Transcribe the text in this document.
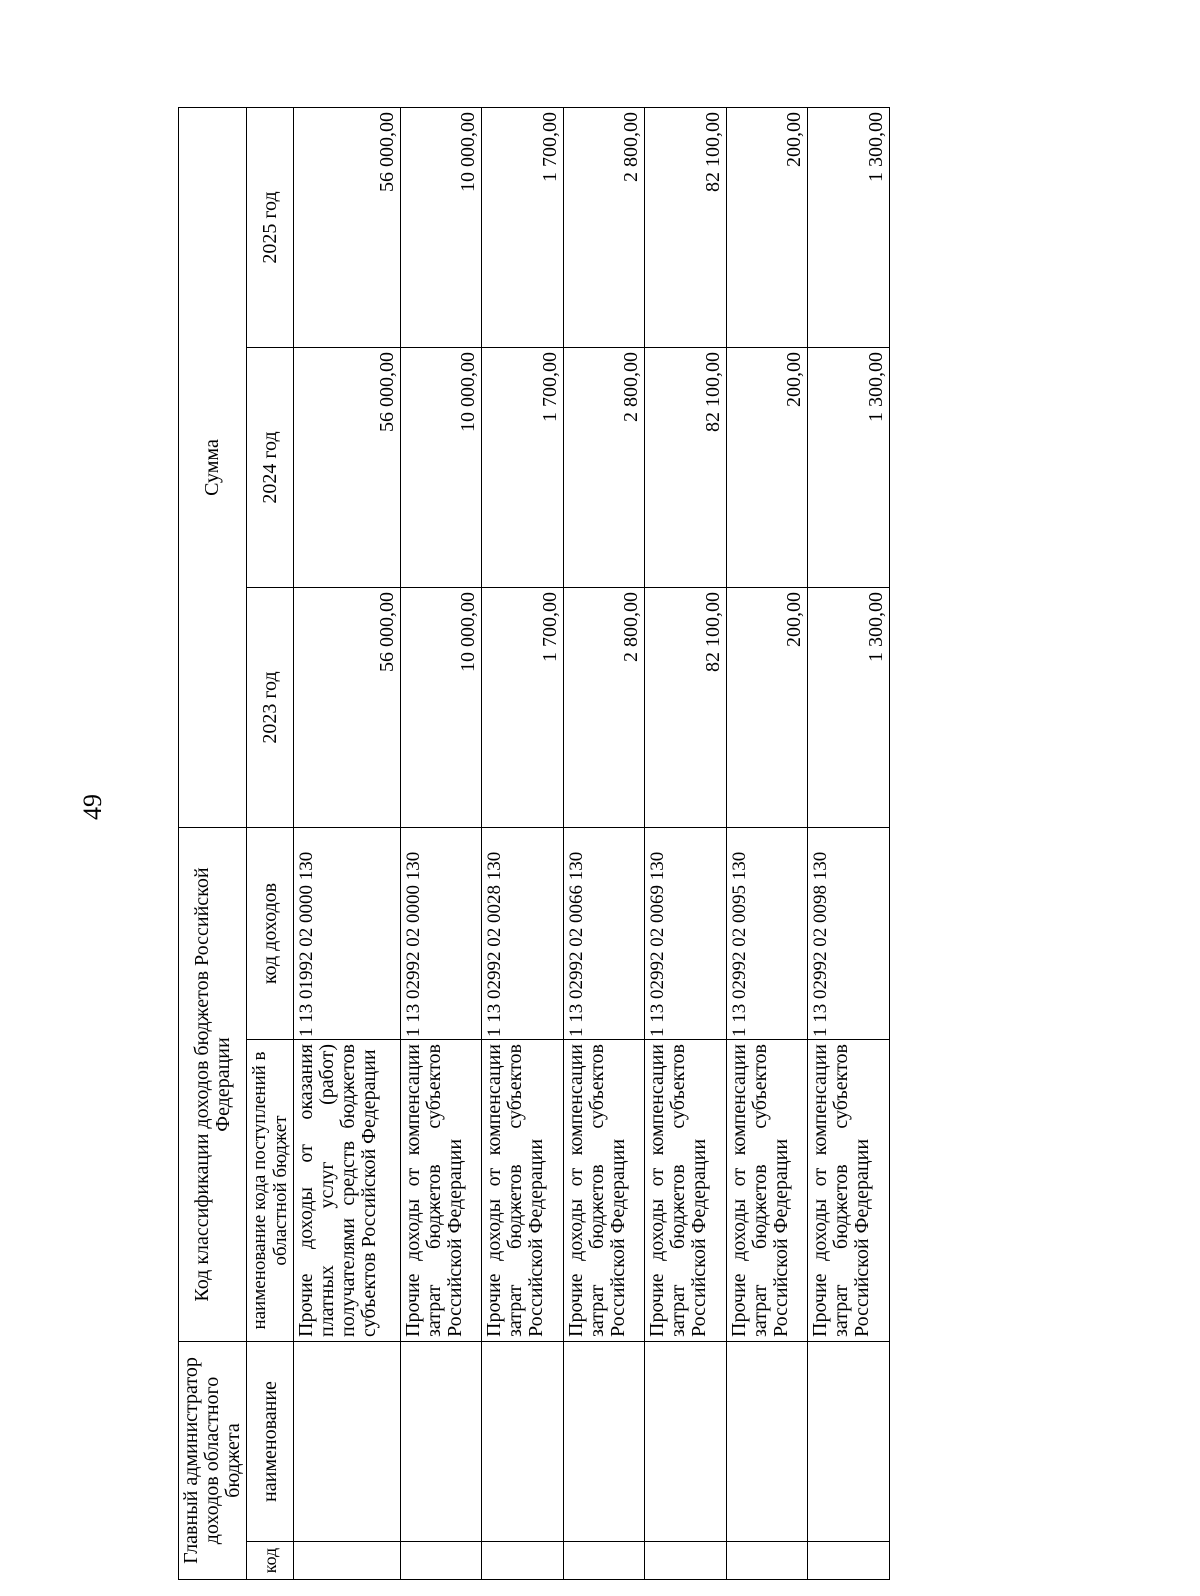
49
Главный администратор доходов областного бюджета		Код классификации доходов бюджетов Российской Федерации		Сумма		
код	наименование	наименование кода поступлений в областной бюджет	код доходов	2023 год	2024 год	2025 год
		Прочие доходы от оказания платных услуг (работ) получателями средств бюджетов субъектов Российской Федерации	1 13 01992 02 0000 130	56 000,00	56 000,00	56 000,00
		Прочие доходы от компенсации затрат бюджетов субъектов Российской Федерации	1 13 02992 02 0000 130	10 000,00	10 000,00	10 000,00
		Прочие доходы от компенсации затрат бюджетов субъектов Российской Федерации	1 13 02992 02 0028 130	1 700,00	1 700,00	1 700,00
		Прочие доходы от компенсации затрат бюджетов субъектов Российской Федерации	1 13 02992 02 0066 130	2 800,00	2 800,00	2 800,00
		Прочие доходы от компенсации затрат бюджетов субъектов Российской Федерации	1 13 02992 02 0069 130	82 100,00	82 100,00	82 100,00
		Прочие доходы от компенсации затрат бюджетов субъектов Российской Федерации	1 13 02992 02 0095 130	200,00	200,00	200,00
		Прочие доходы от компенсации затрат бюджетов субъектов Российской Федерации	1 13 02992 02 0098 130	1 300,00	1 300,00	1 300,00
